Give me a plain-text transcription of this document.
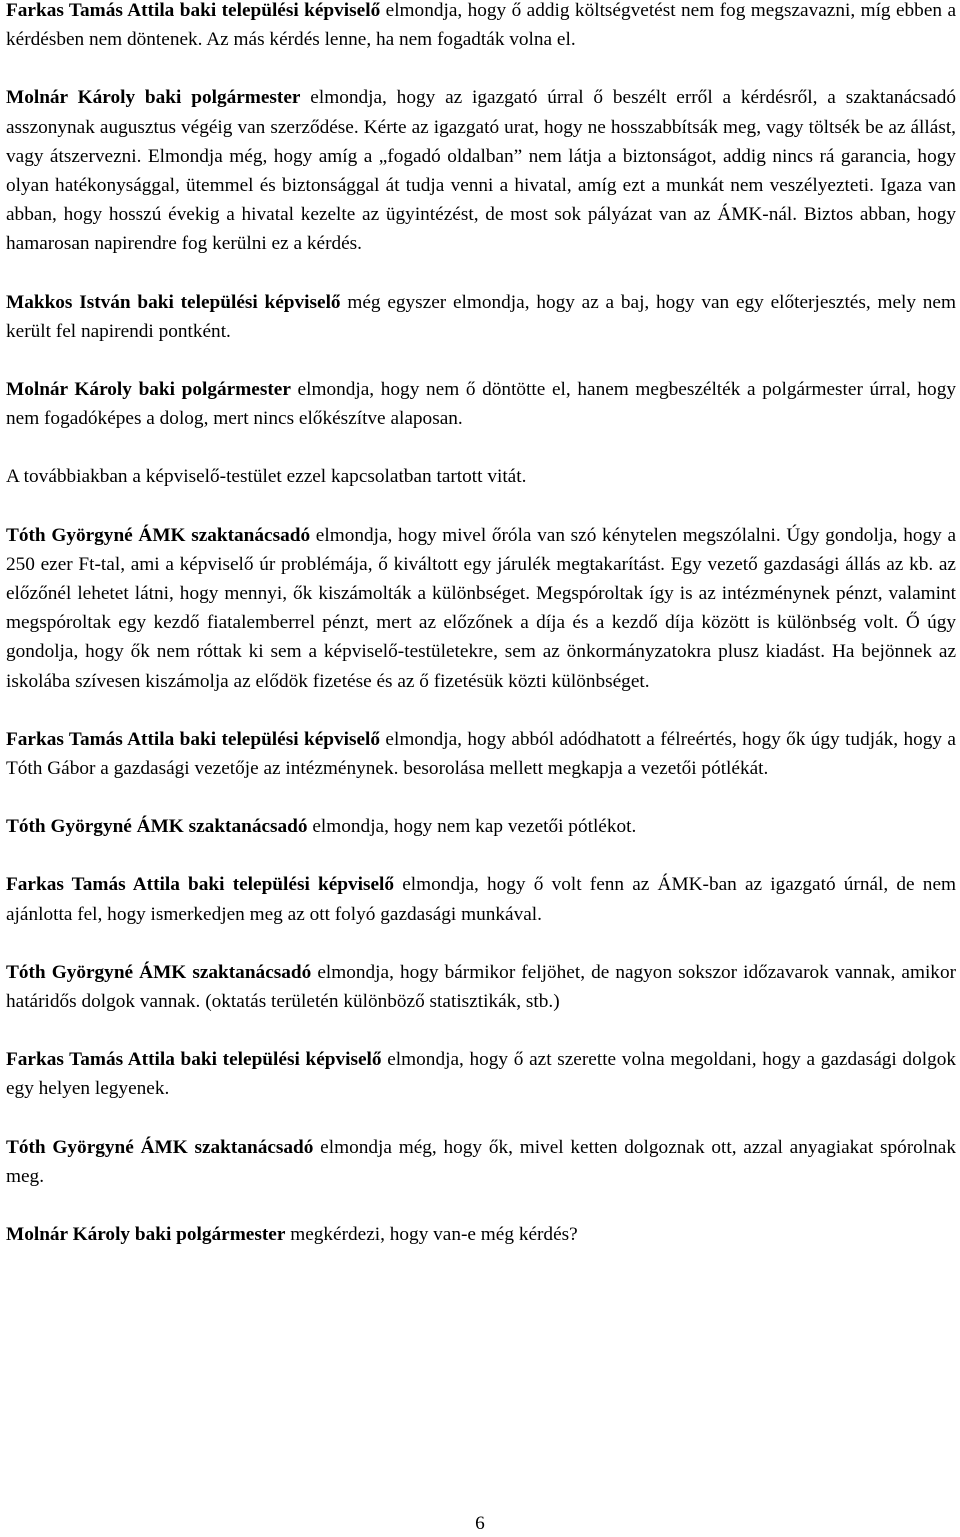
Farkas Tamás Attila baki települési képviselő elmondja, hogy ő addig költségvetést nem fog megszavazni, míg ebben a kérdésben nem döntenek. Az más kérdés lenne, ha nem fogadták volna el.

Molnár Károly baki polgármester elmondja, hogy az igazgató úrral ő beszélt erről a kérdésről, a szaktanácsadó asszonynak augusztus végéig van szerződése. Kérte az igazgató urat, hogy ne hosszabbítsák meg, vagy töltsék be az állást, vagy átszervezni. Elmondja még, hogy amíg a „fogadó oldalban” nem látja a biztonságot, addig nincs rá garancia, hogy olyan hatékonysággal, ütemmel és biztonsággal át tudja venni a hivatal, amíg ezt a munkát nem veszélyezteti. Igaza van abban, hogy hosszú évekig a hivatal kezelte az ügyintézést, de most sok pályázat van az ÁMK-nál. Biztos abban, hogy hamarosan napirendre fog kerülni ez a kérdés.

Makkos István baki települési képviselő még egyszer elmondja, hogy az a baj, hogy van egy előterjesztés, mely nem került fel napirendi pontként.

Molnár Károly baki polgármester elmondja, hogy nem ő döntötte el, hanem megbeszélték a polgármester úrral, hogy nem fogadóképes a dolog, mert nincs előkészítve alaposan.

A továbbiakban a képviselő-testület ezzel kapcsolatban tartott vitát.

Tóth Györgyné ÁMK szaktanácsadó elmondja, hogy mivel őróla van szó kénytelen megszólalni. Úgy gondolja, hogy a 250 ezer Ft-tal, ami a képviselő úr problémája, ő kiváltott egy járulék megtakarítást. Egy vezető gazdasági állás az kb. az előzőnél lehetet látni, hogy mennyi, ők kiszámolták a különbséget. Megspóroltak így is az intézménynek pénzt, valamint megspóroltak egy kezdő fiatalemberrel pénzt, mert az előzőnek a díja és a kezdő díja között is különbség volt. Ő úgy gondolja, hogy ők nem róttak ki sem a képviselő-testületekre, sem az önkormányzatokra plusz kiadást. Ha bejönnek az iskolába szívesen kiszámolja az elődök fizetése és az ő fizetésük közti különbséget.

Farkas Tamás Attila baki települési képviselő elmondja, hogy abból adódhatott a félreértés, hogy ők úgy tudják, hogy a Tóth Gábor a gazdasági vezetője az intézménynek. besorolása mellett megkapja a vezetői pótlékát.

Tóth Györgyné ÁMK szaktanácsadó elmondja, hogy nem kap vezetői pótlékot.

Farkas Tamás Attila baki települési képviselő elmondja, hogy ő volt fenn az ÁMK-ban az igazgató úrnál, de nem ajánlotta fel, hogy ismerkedjen meg az ott folyó gazdasági munkával.

Tóth Györgyné ÁMK szaktanácsadó elmondja, hogy bármikor feljöhet, de nagyon sokszor időzavarok vannak, amikor határidős dolgok vannak. (oktatás területén különböző statisztikák, stb.)

Farkas Tamás Attila baki települési képviselő elmondja, hogy ő azt szerette volna megoldani, hogy a gazdasági dolgok egy helyen legyenek.

Tóth Györgyné ÁMK szaktanácsadó elmondja még, hogy ők, mivel ketten dolgoznak ott, azzal anyagiakat spórolnak meg.

Molnár Károly baki polgármester megkérdezi, hogy van-e még kérdés?

6
